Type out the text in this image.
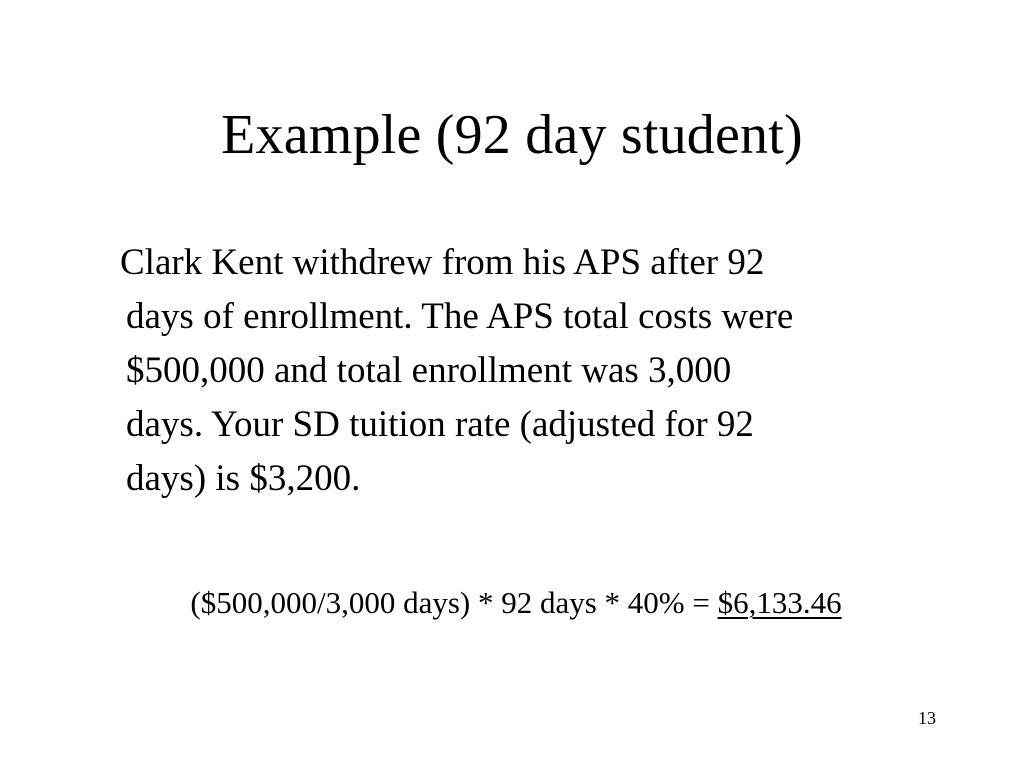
Example (92 day student)
Clark Kent withdrew from his APS after 92
days of enrollment. The APS total costs were
$500,000 and total enrollment was 3,000
days. Your SD tuition rate (adjusted for 92
days) is $3,200.
($500,000/3,000 days) * 92 days * 40% = $6,133.46
13
